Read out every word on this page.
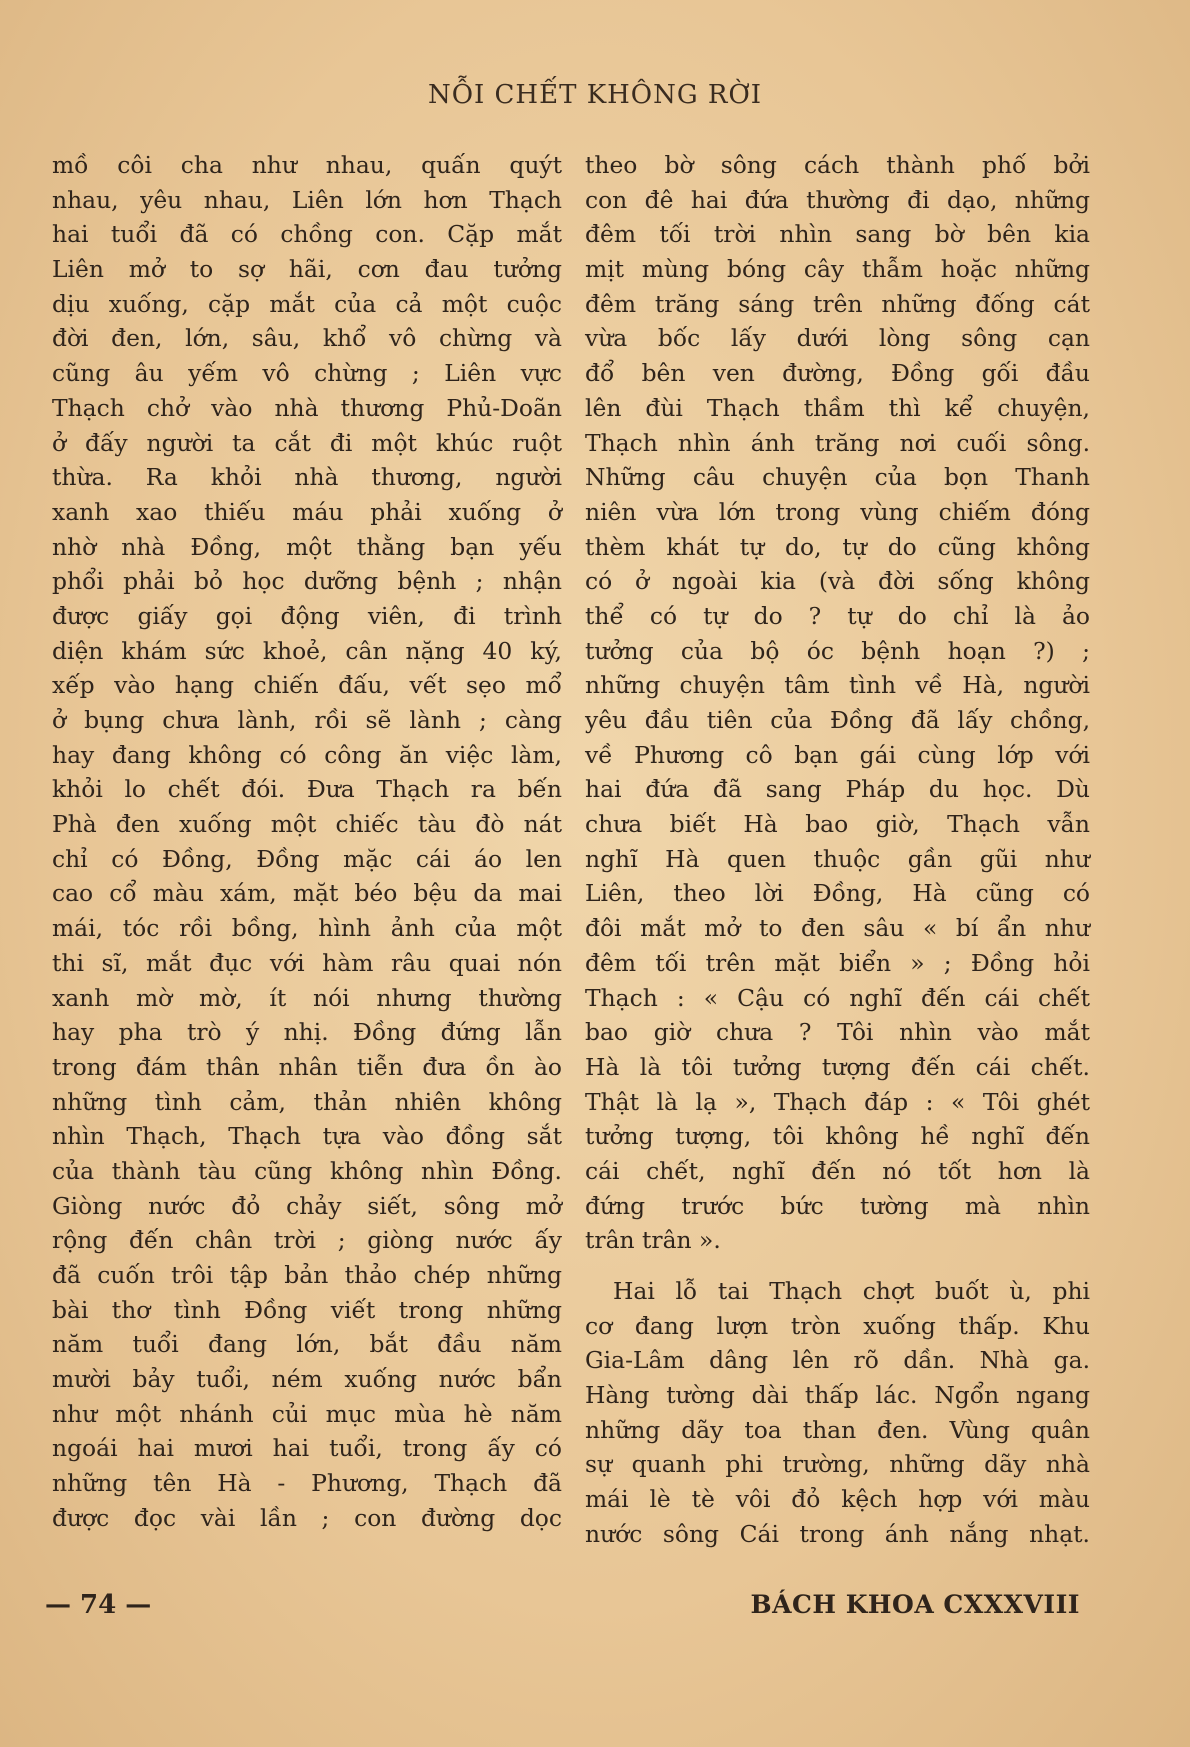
NỖI CHẾT KHÔNG RỜI
mồ côi cha như nhau, quấn quýt
nhau, yêu nhau, Liên lớn hơn Thạch
hai tuổi đã có chồng con. Cặp mắt
Liên mở to sợ hãi, cơn đau tưởng
dịu xuống, cặp mắt của cả một cuộc
đời đen, lớn, sâu, khổ vô chừng và
cũng âu yếm vô chừng ; Liên vực
Thạch chở vào nhà thương Phủ-Doãn
ở đấy người ta cắt đi một khúc ruột
thừa. Ra khỏi nhà thương, người
xanh xao thiếu máu phải xuống ở
nhờ nhà Đồng, một thằng bạn yếu
phổi phải bỏ học dưỡng bệnh ; nhận
được giấy gọi động viên, đi trình
diện khám sức khoẻ, cân nặng 40 ký,
xếp vào hạng chiến đấu, vết sẹo mổ
ở bụng chưa lành, rồi sẽ lành ; càng
hay đang không có công ăn việc làm,
khỏi lo chết đói. Đưa Thạch ra bến
Phà đen xuống một chiếc tàu đò nát
chỉ có Đồng, Đồng mặc cái áo len
cao cổ màu xám, mặt béo bệu da mai
mái, tóc rồi bồng, hình ảnh của một
thi sĩ, mắt đục với hàm râu quai nón
xanh mờ mờ, ít nói nhưng thường
hay pha trò ý nhị. Đồng đứng lẫn
trong đám thân nhân tiễn đưa ồn ào
những tình cảm, thản nhiên không
nhìn Thạch, Thạch tựa vào đồng sắt
của thành tàu cũng không nhìn Đồng.
Giòng nước đỏ chảy siết, sông mở
rộng đến chân trời ; giòng nước ấy
đã cuốn trôi tập bản thảo chép những
bài thơ tình Đồng viết trong những
năm tuổi đang lớn, bắt đầu năm
mười bảy tuổi, ném xuống nước bẩn
như một nhánh củi mục mùa hè năm
ngoái hai mươi hai tuổi, trong ấy có
những tên Hà - Phương, Thạch đã
được đọc vài lần ; con đường dọc
theo bờ sông cách thành phố bởi
con đê hai đứa thường đi dạo, những
đêm tối trời nhìn sang bờ bên kia
mịt mùng bóng cây thẫm hoặc những
đêm trăng sáng trên những đống cát
vừa bốc lấy dưới lòng sông cạn
đổ bên ven đường, Đồng gối đầu
lên đùi Thạch thầm thì kể chuyện,
Thạch nhìn ánh trăng nơi cuối sông.
Những câu chuyện của bọn Thanh
niên vừa lớn trong vùng chiếm đóng
thèm khát tự do, tự do cũng không
có ở ngoài kia (và đời sống không
thể có tự do ? tự do chỉ là ảo
tưởng của bộ óc bệnh hoạn ?) ;
những chuyện tâm tình về Hà, người
yêu đầu tiên của Đồng đã lấy chồng,
về Phương cô bạn gái cùng lớp với
hai đứa đã sang Pháp du học. Dù
chưa biết Hà bao giờ, Thạch vẫn
nghĩ Hà quen thuộc gần gũi như
Liên, theo lời Đồng, Hà cũng có
đôi mắt mở to đen sâu « bí ẩn như
đêm tối trên mặt biển » ; Đồng hỏi
Thạch : « Cậu có nghĩ đến cái chết
bao giờ chưa ? Tôi nhìn vào mắt
Hà là tôi tưởng tượng đến cái chết.
Thật là lạ », Thạch đáp : « Tôi ghét
tưởng tượng, tôi không hề nghĩ đến
cái chết, nghĩ đến nó tốt hơn là
đứng trước bức tường mà nhìn
trân trân ».
Hai lỗ tai Thạch chợt buốt ù, phi
cơ đang lượn tròn xuống thấp. Khu
Gia-Lâm dâng lên rõ dần. Nhà ga.
Hàng tường dài thấp lác. Ngổn ngang
những dãy toa than đen. Vùng quân
sự quanh phi trường, những dãy nhà
mái lè tè vôi đỏ kệch hợp với màu
nước sông Cái trong ánh nắng nhạt.
— 74 —	BÁCH KHOA CXXXVIII
